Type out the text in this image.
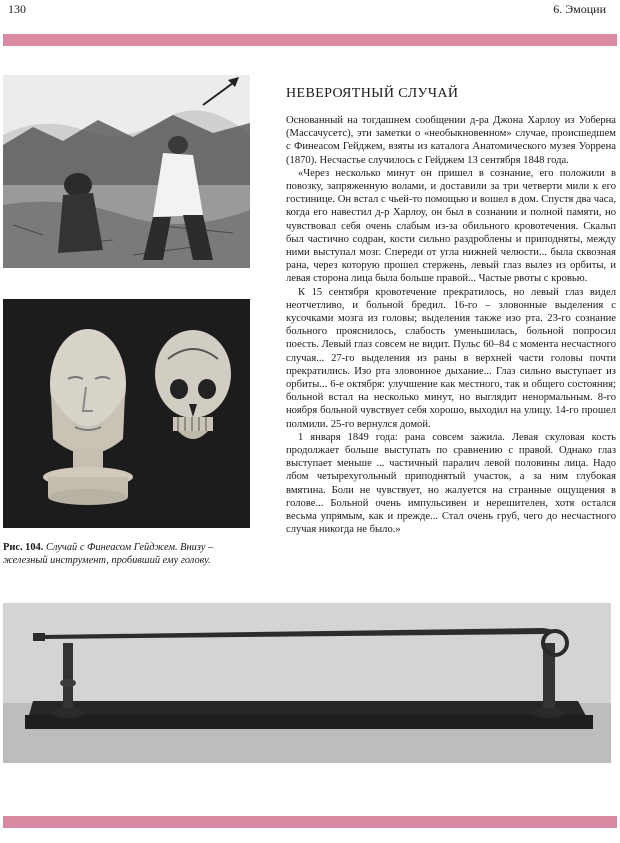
130	6. Эмоции
Рис. 104. Случай с Финеасом Гейджем. Внизу – железный инструмент, пробивший ему голову.
НЕВЕРОЯТНЫЙ СЛУЧАЙ

Основанный на тогдашнем сообщении д-ра Джона Харлоу из Уоберна (Массачусетс), эти заметки о «необыкновенном» случае, происшедшем с Финеасом Гейджем, взяты из каталога Анатомического музея Уоррена (1870). Несчастье случилось с Гейджем 13 сентября 1848 года.

«Через несколько минут он пришел в сознание, его положили в повозку, запряженную волами, и доставили за три четверти мили к его гостинице. Он встал с чьей-то помощью и вошел в дом. Спустя два часа, когда его навестил д-р Харлоу, он был в сознании и полной памяти, но чувствовал себя очень слабым из-за обильного кровотечения. Скальп был частично содран, кости сильно раздроблены и приподняты, между ними выступал мозг. Спереди от угла нижней челюсти... была сквозная рана, через которую прошел стержень, левый глаз вылез из орбиты, и левая сторона лица была больше правой... Частые рвоты с кровью.

К 15 сентября кровотечение прекратилось, но левый глаз видел неотчетливо, и больной бредил. 16-го – зловонные выделения с кусочками мозга из головы; выделения также изо рта. 23-го сознание больного прояснилось, слабость уменьшилась, больной попросил поесть. Левый глаз совсем не видит. Пульс 60–84 с момента несчастного случая... 27-го выделения из раны в верхней части головы почти прекратились. Изо рта зловонное дыхание... Глаз сильно выступает из орбиты... 6-е октября: улучшение как местного, так и общего состояния; больной встал на несколько минут, но выглядит ненормальным. 8-го ноября больной чувствует себя хорошо, выходил на улицу. 14-го прошел полмили. 25-го вернулся домой.

1 января 1849 года: рана совсем зажила. Левая скуловая кость продолжает больше выступать по сравнению с правой. Однако глаз выступает меньше ... частичный паралич левой половины лица. Надо лбом четырехугольный приподнятый участок, а за ним глубокая вмятина. Боли не чувствует, но жалуется на странные ощущения в голове... Больной очень импульсивен и нерешителен, хотя остался весьма упрямым, как и прежде... Стал очень груб, чего до несчастного случая никогда не было.»
